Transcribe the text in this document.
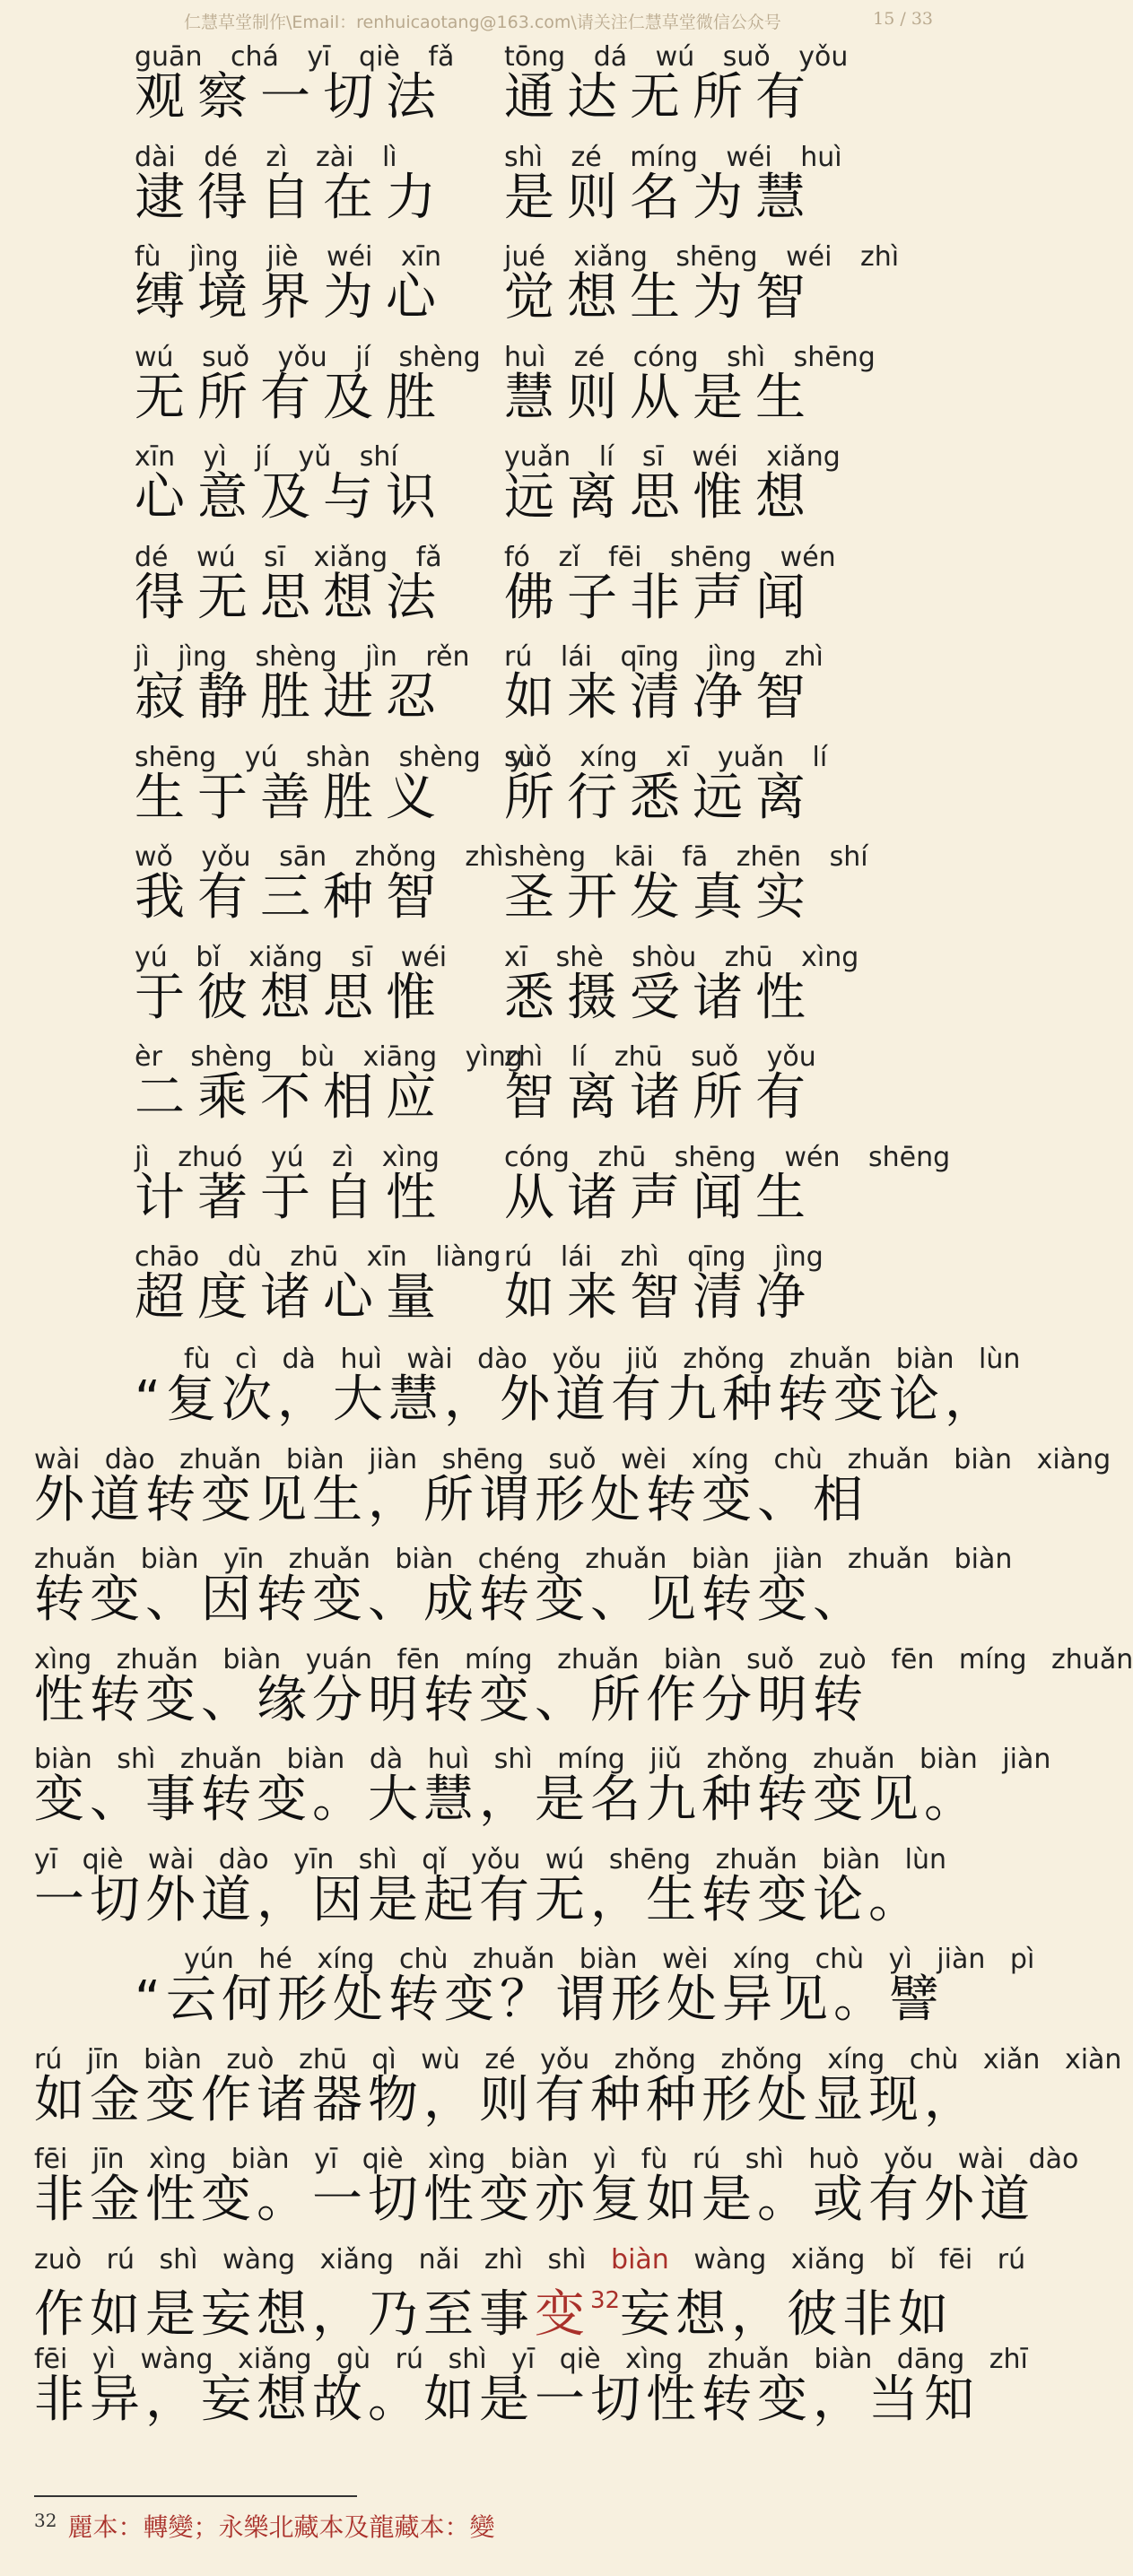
仁慧草堂制作\Email：renhuicaotang@163.com\请关注仁慧草堂微信公众号	15 / 33
guān chá yī qiè fǎ
观察一切法
tōng dá wú suǒ yǒu
通达无所有
dài dé zì zài lì
逮得自在力
shì zé míng wéi huì
是则名为慧
fù jìng jiè wéi xīn
缚境界为心
jué xiǎng shēng wéi zhì
觉想生为智
wú suǒ yǒu jí shèng
无所有及胜
huì zé cóng shì shēng
慧则从是生
xīn yì jí yǔ shí
心意及与识
yuǎn lí sī wéi xiǎng
远离思惟想
dé wú sī xiǎng fǎ
得无思想法
fó zǐ fēi shēng wén
佛子非声闻
jì jìng shèng jìn rěn
寂静胜进忍
rú lái qīng jìng zhì
如来清净智
shēng yú shàn shèng yì
生于善胜义
suǒ xíng xī yuǎn lí
所行悉远离
wǒ yǒu sān zhǒng zhì
我有三种智
shèng kāi fā zhēn shí
圣开发真实
yú bǐ xiǎng sī wéi
于彼想思惟
xī shè shòu zhū xìng
悉摄受诸性
èr shèng bù xiāng yìng
二乘不相应
zhì lí zhū suǒ yǒu
智离诸所有
jì zhuó yú zì xìng
计著于自性
cóng zhū shēng wén shēng
从诸声闻生
chāo dù zhū xīn liàng
超度诸心量
rú lái zhì qīng jìng
如来智清净
fù cì dà huì wài dào yǒu jiǔ zhǒng zhuǎn biàn lùn
“复次，大慧，外道有九种转变论，
wài dào zhuǎn biàn jiàn shēng suǒ wèi xíng chù zhuǎn biàn xiàng
外道转变见生，所谓形处转变、相
zhuǎn biàn yīn zhuǎn biàn chéng zhuǎn biàn jiàn zhuǎn biàn
转变、因转变、成转变、见转变、
xìng zhuǎn biàn yuán fēn míng zhuǎn biàn suǒ zuò fēn míng zhuǎn
性转变、缘分明转变、所作分明转
biàn shì zhuǎn biàn dà huì shì míng jiǔ zhǒng zhuǎn biàn jiàn
变、事转变。大慧，是名九种转变见。
yī qiè wài dào yīn shì qǐ yǒu wú shēng zhuǎn biàn lùn
一切外道，因是起有无，生转变论。
yún hé xíng chù zhuǎn biàn wèi xíng chù yì jiàn pì
“云何形处转变？谓形处异见。譬
rú jīn biàn zuò zhū qì wù zé yǒu zhǒng zhǒng xíng chù xiǎn xiàn
如金变作诸器物，则有种种形处显现，
fēi jīn xìng biàn yī qiè xìng biàn yì fù rú shì huò yǒu wài dào
非金性变。一切性变亦复如是。或有外道
zuò rú shì wàng xiǎng nǎi zhì shì biàn wàng xiǎng bǐ fēi rú
作如是妄想，乃至事变$^{32}$妄想，彼非如
fēi yì wàng xiǎng gù rú shì yī qiè xìng zhuǎn biàn dāng zhī
非异，妄想故。如是一切性转变，当知
$^{32}$ 麗本：轉變；永樂北藏本及龍藏本：變
